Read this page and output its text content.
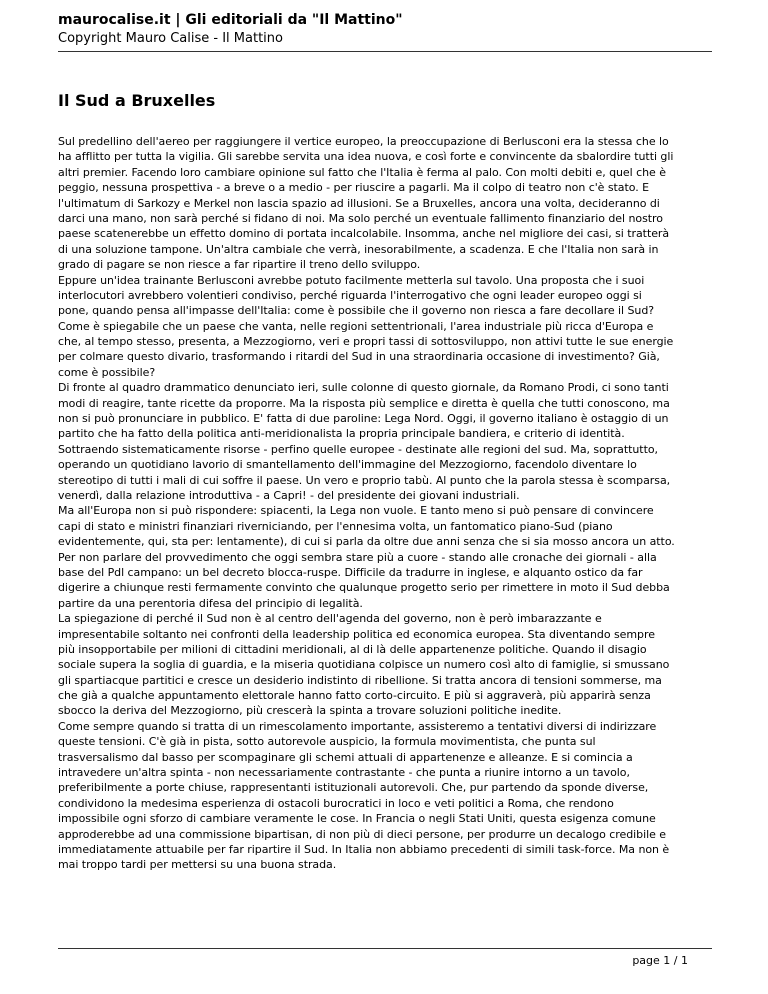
maurocalise.it | Gli editoriali da "Il Mattino"
Copyright Mauro Calise - Il Mattino
Il Sud a Bruxelles
Sul predellino dell'aereo per raggiungere il vertice europeo, la preoccupazione di Berlusconi era la stessa che lo
ha afflitto per tutta la vigilia. Gli sarebbe servita una idea nuova, e così forte e convincente da sbalordire tutti gli
altri premier. Facendo loro cambiare opinione sul fatto che l'Italia è ferma al palo. Con molti debiti e, quel che è
peggio, nessuna prospettiva - a breve o a medio - per riuscire a pagarli. Ma il colpo di teatro non c'è stato. E
l'ultimatum di Sarkozy e Merkel non lascia spazio ad illusioni. Se a Bruxelles, ancora una volta, decideranno di
darci una mano, non sarà perché si fidano di noi. Ma solo perché un eventuale fallimento finanziario del nostro
paese scatenerebbe un effetto domino di portata incalcolabile. Insomma, anche nel migliore dei casi, si tratterà
di una soluzione tampone. Un'altra cambiale che verrà, inesorabilmente, a scadenza. E che l'Italia non sarà in
grado di pagare se non riesce a far ripartire il treno dello sviluppo.
Eppure un'idea trainante Berlusconi avrebbe potuto facilmente metterla sul tavolo. Una proposta che i suoi
interlocutori avrebbero volentieri condiviso, perché riguarda l'interrogativo che ogni leader europeo oggi si
pone, quando pensa all'impasse dell'Italia: come è possibile che il governo non riesca a fare decollare il Sud?
Come è spiegabile che un paese che vanta, nelle regioni settentrionali, l'area industriale più ricca d'Europa e
che, al tempo stesso, presenta, a Mezzogiorno, veri e propri tassi di sottosviluppo, non attivi tutte le sue energie
per colmare questo divario, trasformando i ritardi del Sud in una straordinaria occasione di investimento? Già,
come è possibile?
Di fronte al quadro drammatico denunciato ieri, sulle colonne di questo giornale, da Romano Prodi, ci sono tanti
modi di reagire, tante ricette da proporre. Ma la risposta più semplice e diretta è quella che tutti conoscono, ma
non si può pronunciare in pubblico. E' fatta di due paroline: Lega Nord. Oggi, il governo italiano è ostaggio di un
partito che ha fatto della politica anti-meridionalista la propria principale bandiera, e criterio di identità.
Sottraendo sistematicamente risorse - perfino quelle europee - destinate alle regioni del sud. Ma, soprattutto,
operando un quotidiano lavorio di smantellamento dell'immagine del Mezzogiorno, facendolo diventare lo
stereotipo di tutti i mali di cui soffre il paese. Un vero e proprio tabù. Al punto che la parola stessa è scomparsa,
venerdì, dalla relazione introduttiva - a Capri! - del presidente dei giovani industriali.
Ma all'Europa non si può rispondere: spiacenti, la Lega non vuole. E tanto meno si può pensare di convincere
capi di stato e ministri finanziari riverniciando, per l'ennesima volta, un fantomatico piano-Sud (piano
evidentemente, qui, sta per: lentamente), di cui si parla da oltre due anni senza che si sia mosso ancora un atto.
Per non parlare del provvedimento che oggi sembra stare più a cuore - stando alle cronache dei giornali - alla
base del Pdl campano: un bel decreto blocca-ruspe. Difficile da tradurre in inglese, e alquanto ostico da far
digerire a chiunque resti fermamente convinto che qualunque progetto serio per rimettere in moto il Sud debba
partire da una perentoria difesa del principio di legalità.
La spiegazione di perché il Sud non è al centro dell'agenda del governo, non è però imbarazzante e
impresentabile soltanto nei confronti della leadership politica ed economica europea. Sta diventando sempre
più insopportabile per milioni di cittadini meridionali, al di là delle appartenenze politiche. Quando il disagio
sociale supera la soglia di guardia, e la miseria quotidiana colpisce un numero così alto di famiglie, si smussano
gli spartiacque partitici e cresce un desiderio indistinto di ribellione. Si tratta ancora di tensioni sommerse, ma
che già a qualche appuntamento elettorale hanno fatto corto-circuito. E più si aggraverà, più apparirà senza
sbocco la deriva del Mezzogiorno, più crescerà la spinta a trovare soluzioni politiche inedite.
Come sempre quando si tratta di un rimescolamento importante, assisteremo a tentativi diversi di indirizzare
queste tensioni. C'è già in pista, sotto autorevole auspicio, la formula movimentista, che punta sul
trasversalismo dal basso per scompaginare gli schemi attuali di appartenenze e alleanze. E si comincia a
intravedere un'altra spinta - non necessariamente contrastante - che punta a riunire intorno a un tavolo,
preferibilmente a porte chiuse, rappresentanti istituzionali autorevoli. Che, pur partendo da sponde diverse,
condividono la medesima esperienza di ostacoli burocratici in loco e veti politici a Roma, che rendono
impossibile ogni sforzo di cambiare veramente le cose. In Francia o negli Stati Uniti, questa esigenza comune
approderebbe ad una commissione bipartisan, di non più di dieci persone, per produrre un decalogo credibile e
immediatamente attuabile per far ripartire il Sud. In Italia non abbiamo precedenti di simili task-force. Ma non è
mai troppo tardi per mettersi su una buona strada.
page 1 / 1
